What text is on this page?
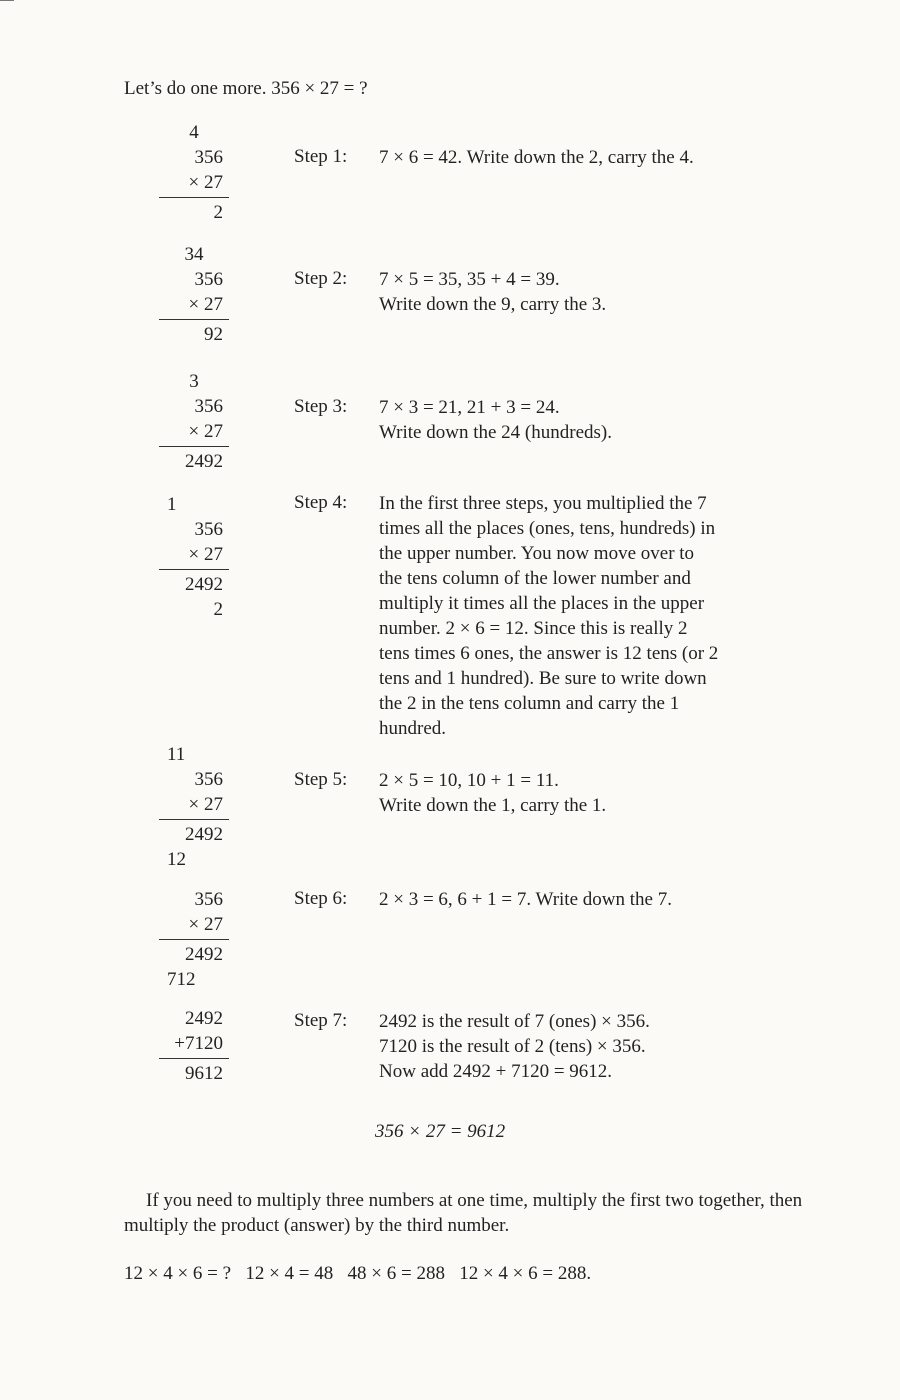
Let’s do one more. 356 × 27 = ?
4
356
× 27
2
Step 1: 7 × 6 = 42. Write down the 2, carry the 4.
34
356
× 27
92
Step 2: 7 × 5 = 35, 35 + 4 = 39.
Write down the 9, carry the 3.
3
356
× 27
2492
Step 3: 7 × 3 = 21, 21 + 3 = 24.
Write down the 24 (hundreds).
1
356
× 27
2492
2
Step 4: In the first three steps, you multiplied the 7
times all the places (ones, tens, hundreds) in
the upper number. You now move over to
the tens column of the lower number and
multiply it times all the places in the upper
number. 2 × 6 = 12. Since this is really 2
tens times 6 ones, the answer is 12 tens (or 2
tens and 1 hundred). Be sure to write down
the 2 in the tens column and carry the 1
hundred.
11
356
× 27
2492
12
Step 5: 2 × 5 = 10, 10 + 1 = 11.
Write down the 1, carry the 1.
356
× 27
2492
712
Step 6: 2 × 3 = 6, 6 + 1 = 7. Write down the 7.
2492
+7120
9612
Step 7: 2492 is the result of 7 (ones) × 356.
7120 is the result of 2 (tens) × 356.
Now add 2492 + 7120 = 9612.
356 × 27 = 9612
If you need to multiply three numbers at one time, multiply the first two together, then multiply the product (answer) by the third number.
12 × 4 × 6 = ?   12 × 4 = 48   48 × 6 = 288   12 × 4 × 6 = 288.
